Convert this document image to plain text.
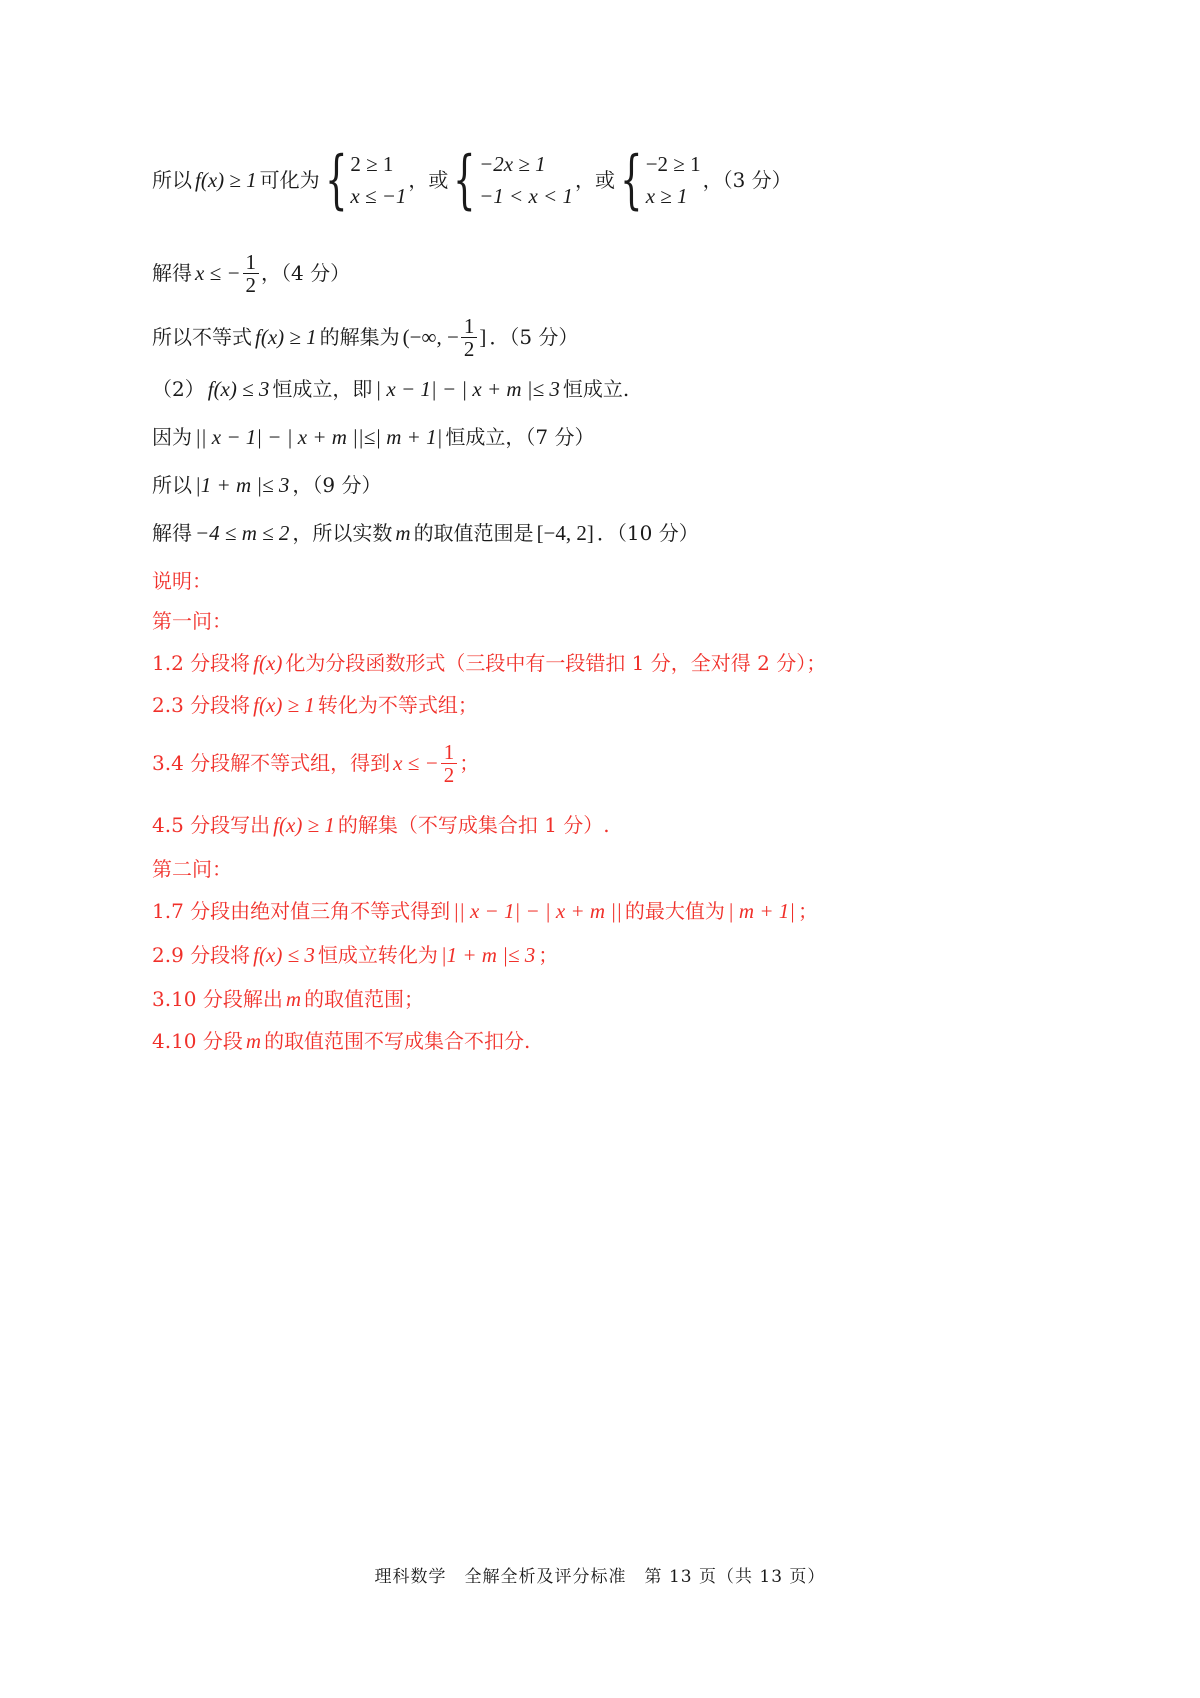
所以 f(x) ≥ 1 可化为 { 2 ≥ 1
x ≤ −1
，或 { −2x ≥ 1
−1 < x < 1
，或 { −2 ≥ 1
x ≥ 1
，（3 分）
解得 x ≤ − $\frac{1}{2}$ ，（4 分）
所以不等式 f(x) ≥ 1 的解集为 (−∞, − $\frac{1}{2}$ ] ．（5 分）
（2） f(x) ≤ 3 恒成立，即 | x − 1| − | x + m |≤ 3 恒成立.
因为 || x − 1| − | x + m ||≤| m + 1| 恒成立，（7 分）
所以 |1 + m |≤ 3 ，（9 分）
解得 −4 ≤ m ≤ 2 ，所以实数 m 的取值范围是 [−4, 2] ．（10 分）
说明：
第一问：
1.2 分段将 f(x) 化为分段函数形式（三段中有一段错扣 1 分，全对得 2 分）；
2.3 分段将 f(x) ≥ 1 转化为不等式组；
3.4 分段解不等式组，得到 x ≤ − $\frac{1}{2}$ ；
4.5 分段写出 f(x) ≥ 1 的解集（不写成集合扣 1 分）.
第二问：
1.7 分段由绝对值三角不等式得到 || x − 1| − | x + m || 的最大值为 | m + 1| ；
2.9 分段将 f(x) ≤ 3 恒成立转化为 |1 + m |≤ 3 ；
3.10 分段解出 m 的取值范围；
4.10 分段 m 的取值范围不写成集合不扣分.
理科数学　全解全析及评分标准　第 13 页（共 13 页）
